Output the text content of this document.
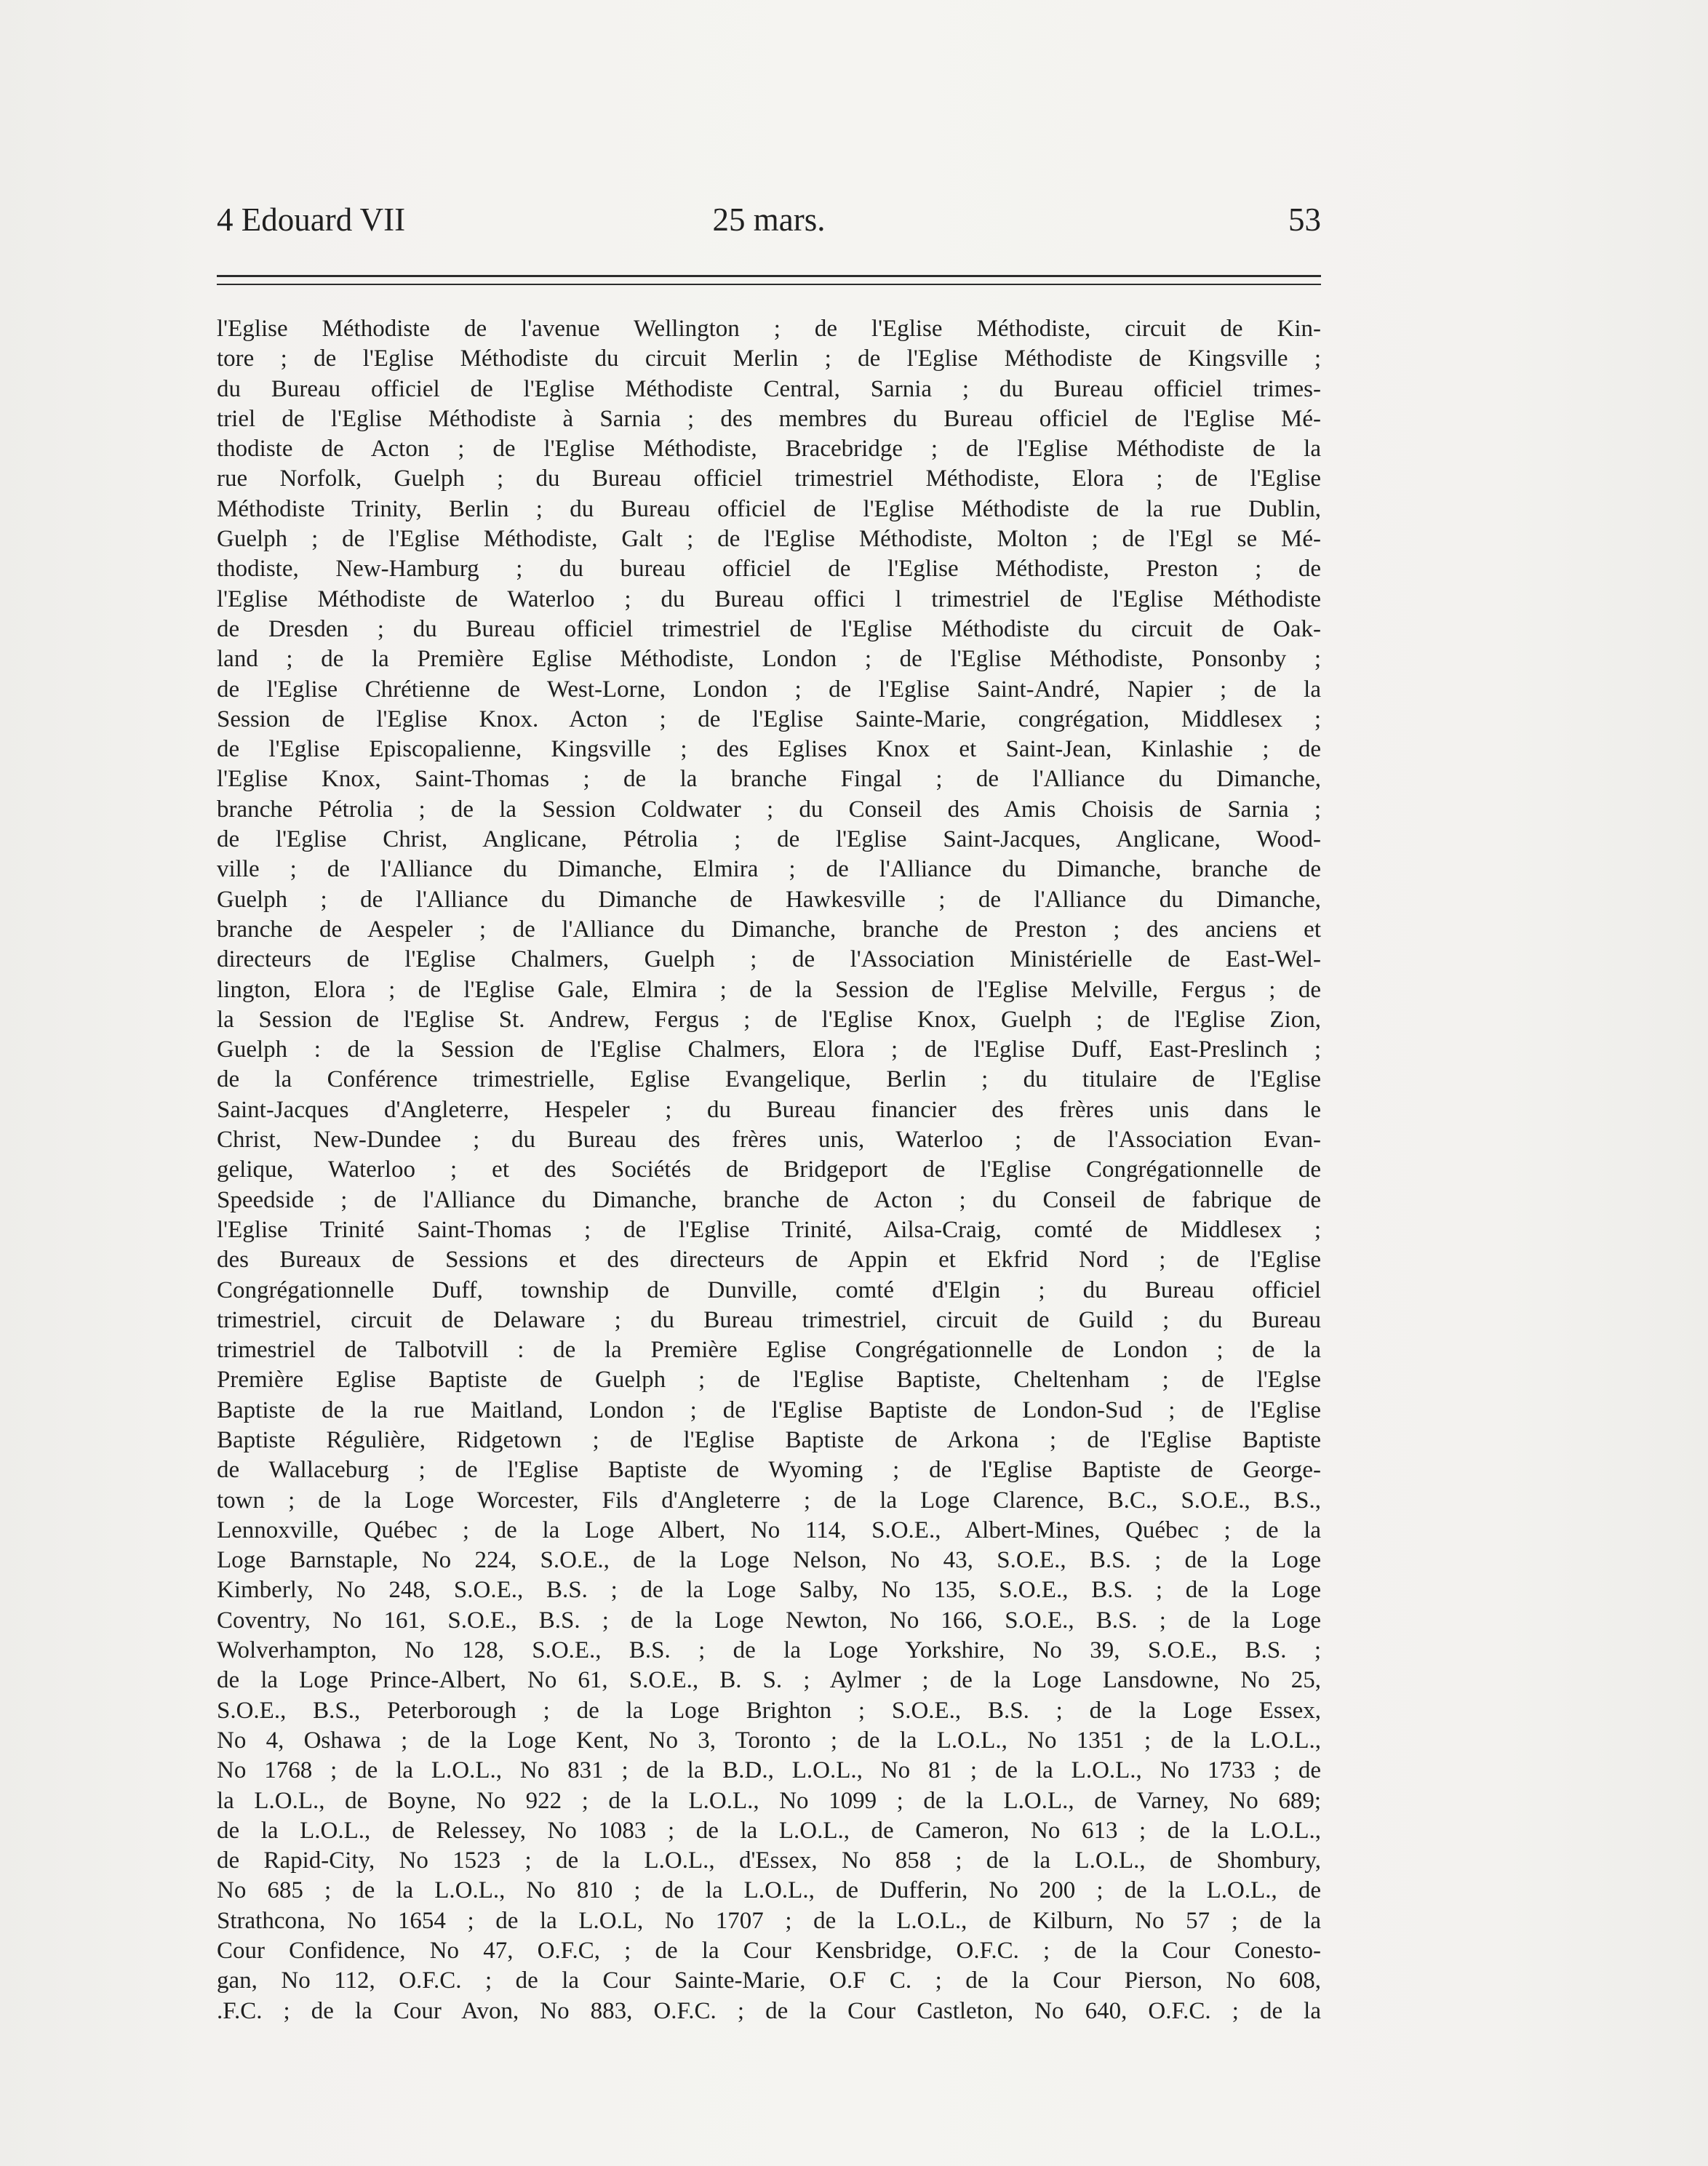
4 Edouard VII	25 mars.	53
l'Eglise Méthodiste de l'avenue Wellington ; de l'Eglise Méthodiste, circuit de Kin-
tore ; de l'Eglise Méthodiste du circuit Merlin ; de l'Eglise Méthodiste de Kingsville ;
du Bureau officiel de l'Eglise Méthodiste Central, Sarnia ; du Bureau officiel trimes-
triel de l'Eglise Méthodiste à Sarnia ; des membres du Bureau officiel de l'Eglise Mé-
thodiste de Acton ; de l'Eglise Méthodiste, Bracebridge ; de l'Eglise Méthodiste de la
rue Norfolk, Guelph ; du Bureau officiel trimestriel Méthodiste, Elora ; de l'Eglise
Méthodiste Trinity, Berlin ; du Bureau officiel de l'Eglise Méthodiste de la rue Dublin,
Guelph ; de l'Eglise Méthodiste, Galt ; de l'Eglise Méthodiste, Molton ; de l'Egl se Mé-
thodiste, New-Hamburg ; du bureau officiel de l'Eglise Méthodiste, Preston ; de
l'Eglise Méthodiste de Waterloo ; du Bureau offici l trimestriel de l'Eglise Méthodiste
de Dresden ; du Bureau officiel trimestriel de l'Eglise Méthodiste du circuit de Oak-
land ; de la Première Eglise Méthodiste, London ; de l'Eglise Méthodiste, Ponsonby ;
de l'Eglise Chrétienne de West-Lorne, London ; de l'Eglise Saint-André, Napier ; de la
Session de l'Eglise Knox. Acton ; de l'Eglise Sainte-Marie, congrégation, Middlesex ;
de l'Eglise Episcopalienne, Kingsville ; des Eglises Knox et Saint-Jean, Kinlashie ; de
l'Eglise Knox, Saint-Thomas ; de la branche Fingal ; de l'Alliance du Dimanche,
branche Pétrolia ; de la Session Coldwater ; du Conseil des Amis Choisis de Sarnia ;
de l'Eglise Christ, Anglicane, Pétrolia ; de l'Eglise Saint-Jacques, Anglicane, Wood-
ville ; de l'Alliance du Dimanche, Elmira ; de l'Alliance du Dimanche, branche de
Guelph ; de l'Alliance du Dimanche de Hawkesville ; de l'Alliance du Dimanche,
branche de Aespeler ; de l'Alliance du Dimanche, branche de Preston ; des anciens et
directeurs de l'Eglise Chalmers, Guelph ; de l'Association Ministérielle de East-Wel-
lington, Elora ; de l'Eglise Gale, Elmira ; de la Session de l'Eglise Melville, Fergus ; de
la Session de l'Eglise St. Andrew, Fergus ; de l'Eglise Knox, Guelph ; de l'Eglise Zion,
Guelph : de la Session de l'Eglise Chalmers, Elora ; de l'Eglise Duff, East-Preslinch ;
de la Conférence trimestrielle, Eglise Evangelique, Berlin ; du titulaire de l'Eglise
Saint-Jacques d'Angleterre, Hespeler ; du Bureau financier des frères unis dans le
Christ, New-Dundee ; du Bureau des frères unis, Waterloo ; de l'Association Evan-
gelique, Waterloo ; et des Sociétés de Bridgeport de l'Eglise Congrégationnelle de
Speedside ; de l'Alliance du Dimanche, branche de Acton ; du Conseil de fabrique de
l'Eglise Trinité Saint-Thomas ; de l'Eglise Trinité, Ailsa-Craig, comté de Middlesex ;
des Bureaux de Sessions et des directeurs de Appin et Ekfrid Nord ; de l'Eglise
Congrégationnelle Duff, township de Dunville, comté d'Elgin ; du Bureau officiel
trimestriel, circuit de Delaware ; du Bureau trimestriel, circuit de Guild ; du Bureau
trimestriel de Talbotvill : de la Première Eglise Congrégationnelle de London ; de la
Première Eglise Baptiste de Guelph ; de l'Eglise Baptiste, Cheltenham ; de l'Eglse
Baptiste de la rue Maitland, London ; de l'Eglise Baptiste de London-Sud ; de l'Eglise
Baptiste Régulière, Ridgetown ; de l'Eglise Baptiste de Arkona ; de l'Eglise Baptiste
de Wallaceburg ; de l'Eglise Baptiste de Wyoming ; de l'Eglise Baptiste de George-
town ; de la Loge Worcester, Fils d'Angleterre ; de la Loge Clarence, B.C., S.O.E., B.S.,
Lennoxville, Québec ; de la Loge Albert, No 114, S.O.E., Albert-Mines, Québec ; de la
Loge Barnstaple, No 224, S.O.E., de la Loge Nelson, No 43, S.O.E., B.S. ; de la Loge
Kimberly, No 248, S.O.E., B.S. ; de la Loge Salby, No 135, S.O.E., B.S. ; de la Loge
Coventry, No 161, S.O.E., B.S. ; de la Loge Newton, No 166, S.O.E., B.S. ; de la Loge
Wolverhampton, No 128, S.O.E., B.S. ; de la Loge Yorkshire, No 39, S.O.E., B.S. ;
de la Loge Prince-Albert, No 61, S.O.E., B. S. ; Aylmer ; de la Loge Lansdowne, No 25,
S.O.E., B.S., Peterborough ; de la Loge Brighton ; S.O.E., B.S. ; de la Loge Essex,
No 4, Oshawa ; de la Loge Kent, No 3, Toronto ; de la L.O.L., No 1351 ; de la L.O.L.,
No 1768 ; de la L.O.L., No 831 ; de la B.D., L.O.L., No 81 ; de la L.O.L., No 1733 ; de
la L.O.L., de Boyne, No 922 ; de la L.O.L., No 1099 ; de la L.O.L., de Varney, No 689;
de la L.O.L., de Relessey, No 1083 ; de la L.O.L., de Cameron, No 613 ; de la L.O.L.,
de Rapid-City, No 1523 ; de la L.O.L., d'Essex, No 858 ; de la L.O.L., de Shombury,
No 685 ; de la L.O.L., No 810 ; de la L.O.L., de Dufferin, No 200 ; de la L.O.L., de
Strathcona, No 1654 ; de la L.O.L, No 1707 ; de la L.O.L., de Kilburn, No 57 ; de la
Cour Confidence, No 47, O.F.C, ; de la Cour Kensbridge, O.F.C. ; de la Cour Conesto-
gan, No 112, O.F.C. ; de la Cour Sainte-Marie, O.F C. ; de la Cour Pierson, No 608,
.F.C. ; de la Cour Avon, No 883, O.F.C. ; de la Cour Castleton, No 640, O.F.C. ; de la
